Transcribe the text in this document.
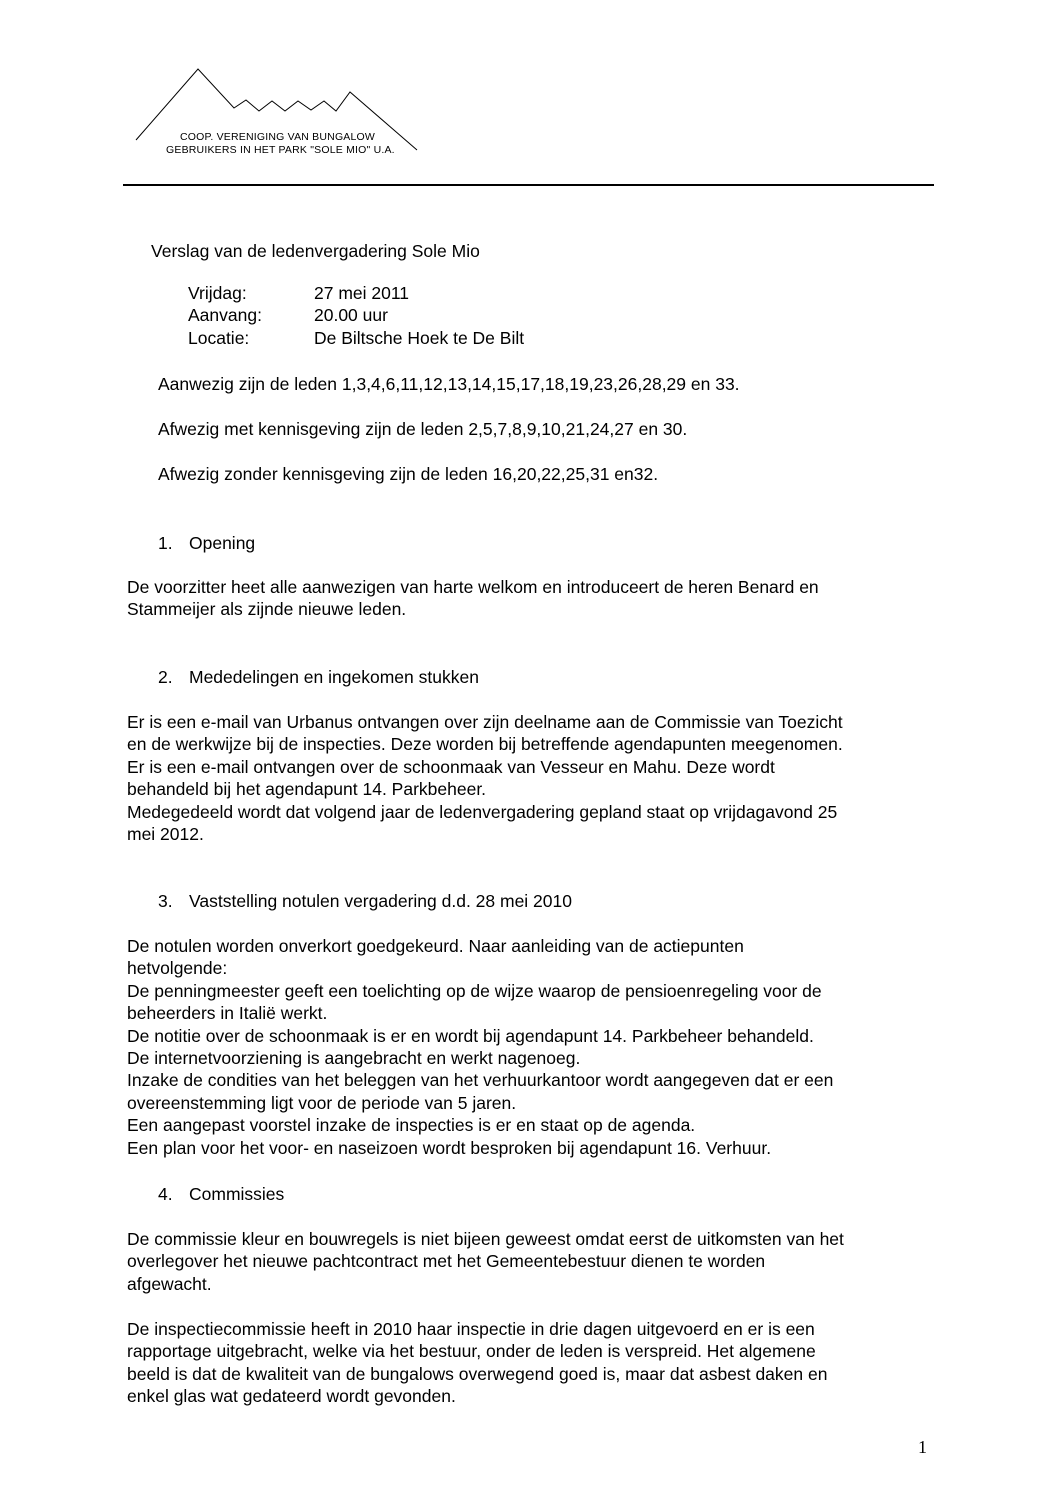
COOP. VERENIGING VAN BUNGALOW
GEBRUIKERS IN HET PARK "SOLE MIO" U.A.
Verslag van de ledenvergadering Sole Mio
Vrijdag:	27 mei 2011
Aanvang:	20.00 uur
Locatie:	De Biltsche Hoek te De Bilt
Aanwezig zijn de leden 1,3,4,6,11,12,13,14,15,17,18,19,23,26,28,29 en 33.
Afwezig met kennisgeving zijn de leden 2,5,7,8,9,10,21,24,27 en 30.
Afwezig zonder kennisgeving zijn de leden 16,20,22,25,31 en32.
1. Opening
De voorzitter heet alle aanwezigen van harte welkom en introduceert de heren Benard en
Stammeijer als zijnde nieuwe leden.
2. Mededelingen en ingekomen stukken
Er is een e-mail van Urbanus ontvangen over zijn deelname aan de Commissie van Toezicht
en de werkwijze bij de inspecties. Deze worden bij betreffende agendapunten meegenomen.
Er is een e-mail ontvangen over de schoonmaak van Vesseur en Mahu. Deze wordt
behandeld bij het agendapunt 14. Parkbeheer.
Medegedeeld wordt dat volgend jaar de ledenvergadering gepland staat op vrijdagavond 25
mei 2012.
3. Vaststelling notulen vergadering d.d. 28 mei 2010
De notulen worden onverkort goedgekeurd. Naar aanleiding van de actiepunten
hetvolgende:
De penningmeester geeft een toelichting op de wijze waarop de pensioenregeling voor de
beheerders in Italië werkt.
De notitie over de schoonmaak is er en wordt bij agendapunt 14. Parkbeheer behandeld.
De internetvoorziening is aangebracht en werkt nagenoeg.
Inzake de condities van het beleggen van het verhuurkantoor wordt aangegeven dat er een
overeenstemming ligt voor de periode van 5 jaren.
Een aangepast voorstel inzake de inspecties is er en staat op de agenda.
Een plan voor het voor- en naseizoen wordt besproken bij agendapunt 16. Verhuur.
4. Commissies
De commissie kleur en bouwregels is niet bijeen geweest omdat eerst de uitkomsten van het
overlegover het nieuwe pachtcontract met het Gemeentebestuur dienen te worden
afgewacht.
De inspectiecommissie heeft in 2010 haar inspectie in drie dagen uitgevoerd en er is een
rapportage uitgebracht, welke via het bestuur, onder de leden is verspreid. Het algemene
beeld is dat de kwaliteit van de bungalows overwegend goed is, maar dat asbest daken en
enkel glas wat gedateerd wordt gevonden.
1
